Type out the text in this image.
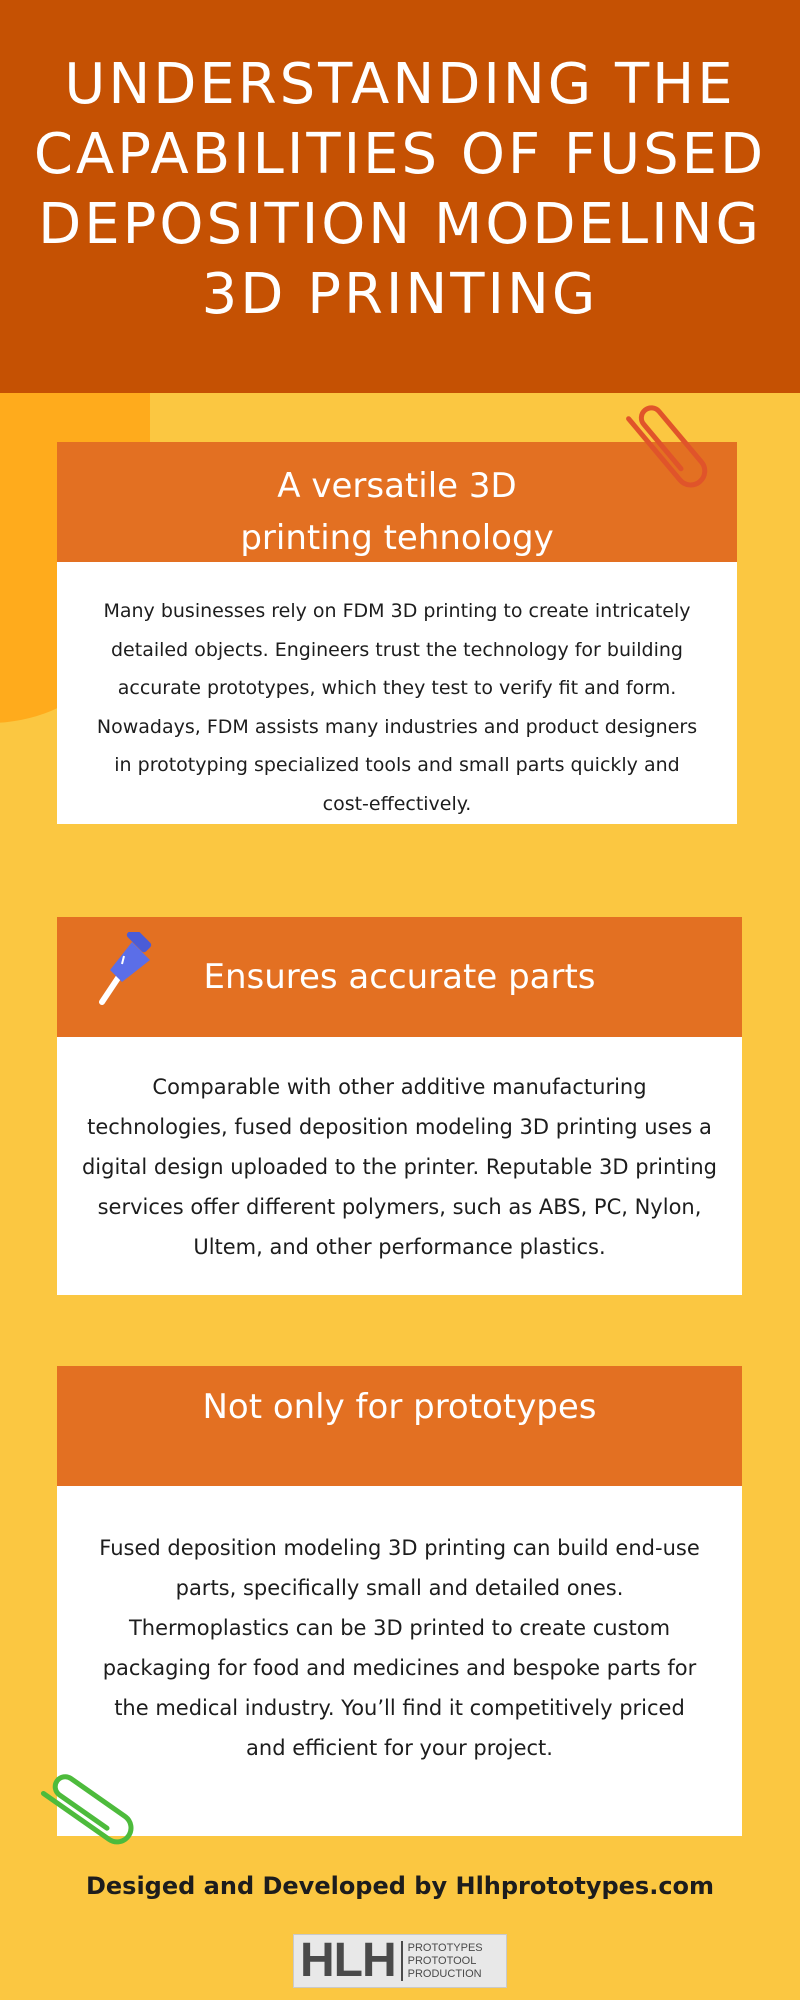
UNDERSTANDING THE CAPABILITIES OF FUSED DEPOSITION MODELING 3D PRINTING
A versatile 3D
printing tehnology

Many businesses rely on FDM 3D printing to create intricately detailed objects. Engineers trust the technology for building accurate prototypes, which they test to verify fit and form. Nowadays, FDM assists many industries and product designers in prototyping specialized tools and small parts quickly and cost-effectively.

Ensures accurate parts

Comparable with other additive manufacturing technologies, fused deposition modeling 3D printing uses a digital design uploaded to the printer. Reputable 3D printing services offer different polymers, such as ABS, PC, Nylon, Ultem, and other performance plastics.

Not only for prototypes

Fused deposition modeling 3D printing can build end-use parts, specifically small and detailed ones. Thermoplastics can be 3D printed to create custom packaging for food and medicines and bespoke parts for the medical industry. You’ll find it competitively priced and efficient for your project.

Desiged and Developed by Hlhprototypes.com

HLH PROTOTYPES
PROTOTOOL
PRODUCTION
